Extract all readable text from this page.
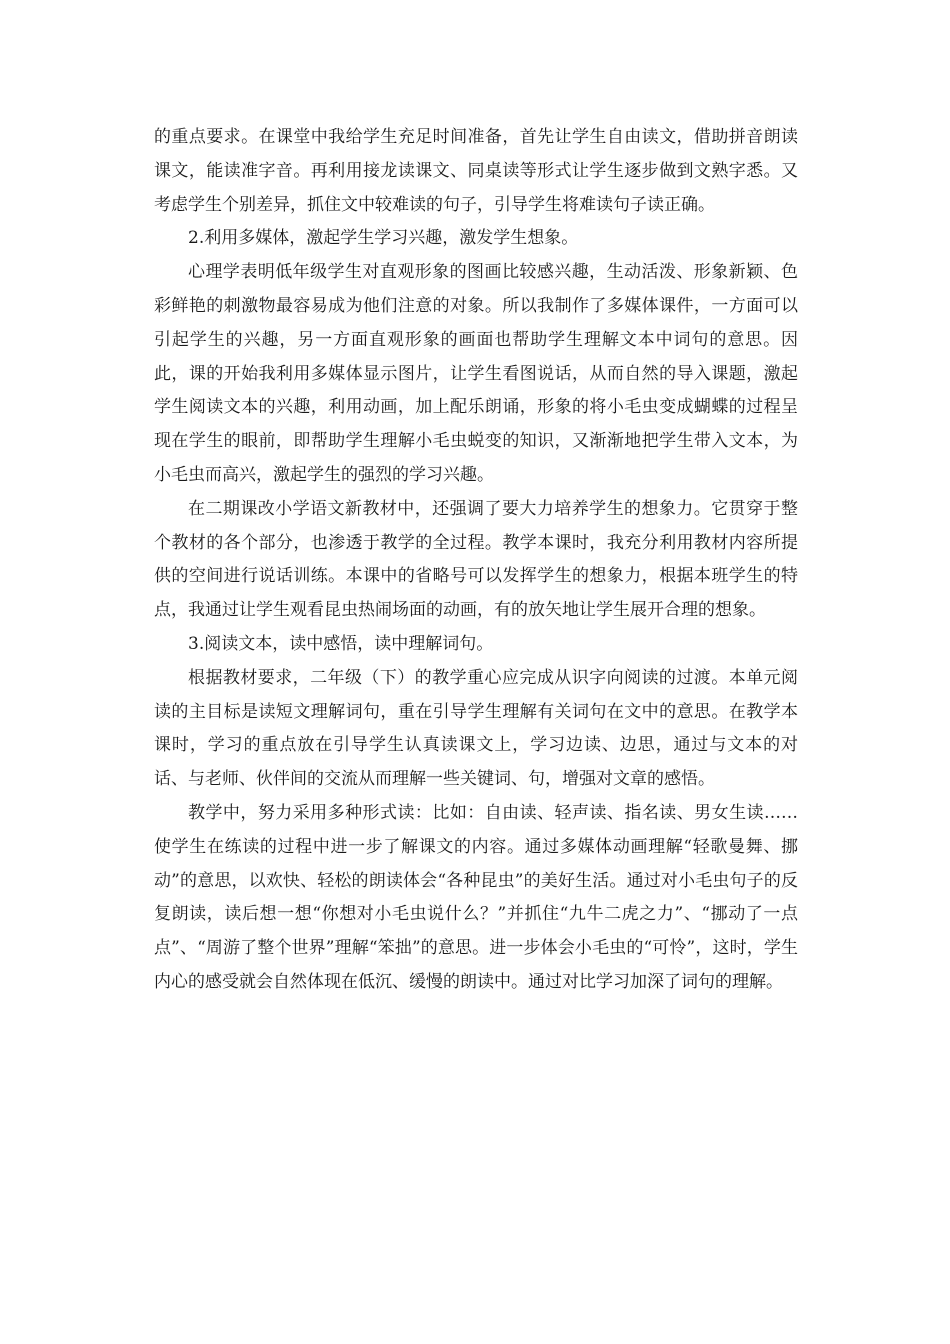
的重点要求。在课堂中我给学生充足时间准备，首先让学生自由读文，借助拼音朗读课文，能读准字音。再利用接龙读课文、同桌读等形式让学生逐步做到文熟字悉。又考虑学生个别差异，抓住文中较难读的句子，引导学生将难读句子读正确。

2.利用多媒体，激起学生学习兴趣，激发学生想象。

心理学表明低年级学生对直观形象的图画比较感兴趣，生动活泼、形象新颖、色彩鲜艳的刺激物最容易成为他们注意的对象。所以我制作了多媒体课件，一方面可以引起学生的兴趣，另一方面直观形象的画面也帮助学生理解文本中词句的意思。因此，课的开始我利用多媒体显示图片，让学生看图说话，从而自然的导入课题，激起学生阅读文本的兴趣，利用动画，加上配乐朗诵，形象的将小毛虫变成蝴蝶的过程呈现在学生的眼前，即帮助学生理解小毛虫蜕变的知识，又渐渐地把学生带入文本，为小毛虫而高兴，激起学生的强烈的学习兴趣。

在二期课改小学语文新教材中，还强调了要大力培养学生的想象力。它贯穿于整个教材的各个部分，也渗透于教学的全过程。教学本课时，我充分利用教材内容所提供的空间进行说话训练。本课中的省略号可以发挥学生的想象力，根据本班学生的特点，我通过让学生观看昆虫热闹场面的动画，有的放矢地让学生展开合理的想象。

3.阅读文本，读中感悟，读中理解词句。

根据教材要求，二年级（下）的教学重心应完成从识字向阅读的过渡。本单元阅读的主目标是读短文理解词句，重在引导学生理解有关词句在文中的意思。在教学本课时，学习的重点放在引导学生认真读课文上，学习边读、边思，通过与文本的对话、与老师、伙伴间的交流从而理解一些关键词、句，增强对文章的感悟。

教学中，努力采用多种形式读：比如：自由读、轻声读、指名读、男女生读……使学生在练读的过程中进一步了解课文的内容。通过多媒体动画理解“轻歌曼舞、挪动”的意思，以欢快、轻松的朗读体会“各种昆虫”的美好生活。通过对小毛虫句子的反复朗读，读后想一想“你想对小毛虫说什么？”并抓住“九牛二虎之力”、“挪动了一点点”、“周游了整个世界”理解“笨拙”的意思。进一步体会小毛虫的“可怜”，这时，学生内心的感受就会自然体现在低沉、缓慢的朗读中。通过对比学习加深了词句的理解。
